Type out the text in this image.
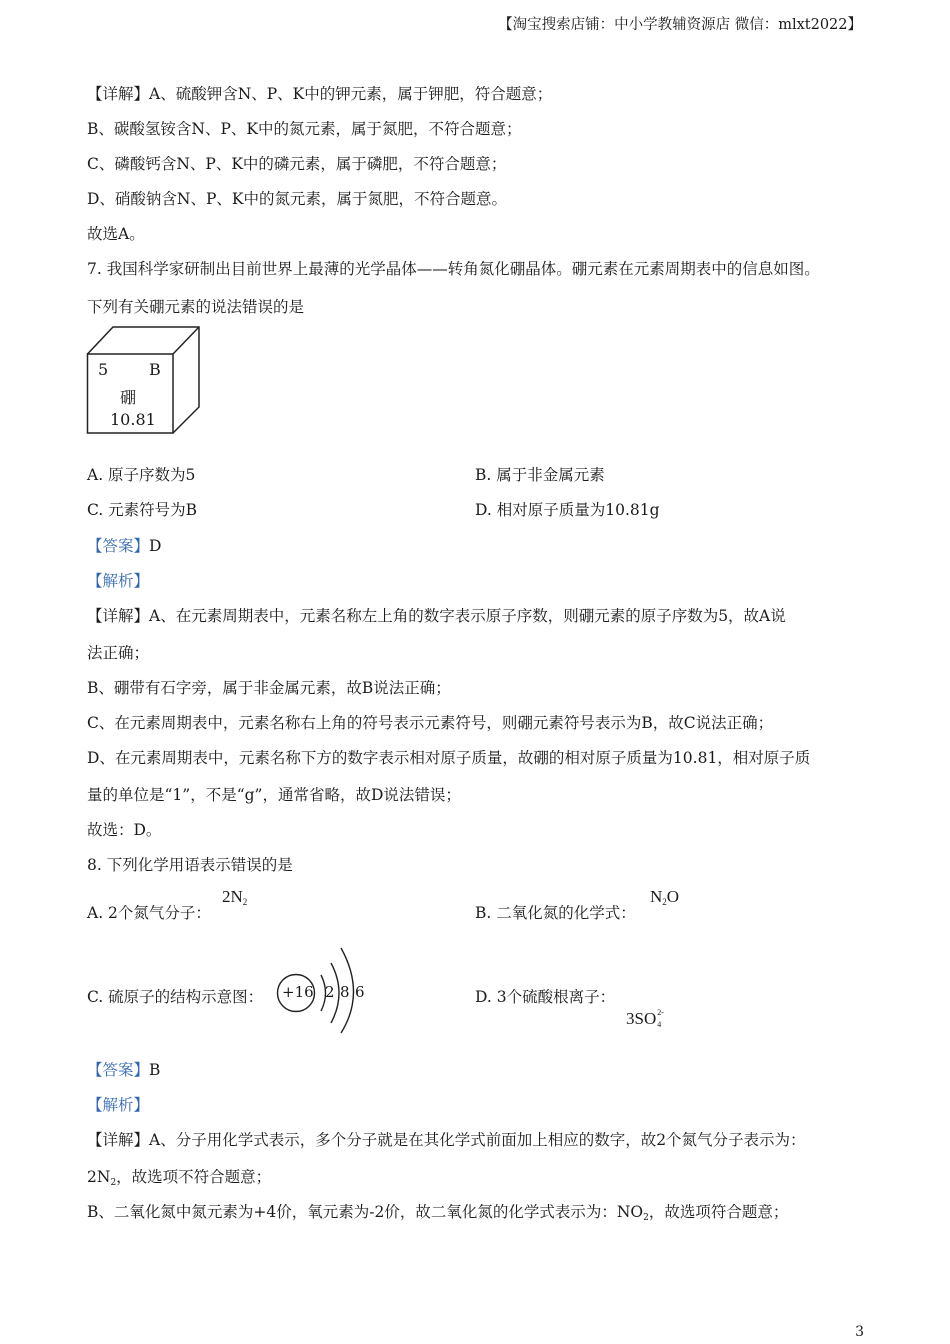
【淘宝搜索店铺：中小学教辅资源店 微信：mlxt2022】
【详解】A、硫酸钾含N、P、K中的钾元素，属于钾肥，符合题意；
B、碳酸氢铵含N、P、K中的氮元素，属于氮肥，不符合题意；
C、磷酸钙含N、P、K中的磷元素，属于磷肥，不符合题意；
D、硝酸钠含N、P、K中的氮元素，属于氮肥，不符合题意。
故选A。
7. 我国科学家研制出目前世界上最薄的光学晶体——转角氮化硼晶体。硼元素在元素周期表中的信息如图。
下列有关硼元素的说法错误的是
5	B
硼
10.81
A. 原子序数为5	B. 属于非金属元素
C. 元素符号为B	D. 相对原子质量为10.81g
【答案】D
【解析】
【详解】A、在元素周期表中，元素名称左上角的数字表示原子序数，则硼元素的原子序数为5，故A说
法正确；
B、硼带有石字旁，属于非金属元素，故B说法正确；
C、在元素周期表中，元素名称右上角的符号表示元素符号，则硼元素符号表示为B，故C说法正确；
D、在元素周期表中，元素名称下方的数字表示相对原子质量，故硼的相对原子质量为10.81，相对原子质
量的单位是“1”，不是“g”，通常省略，故D说法错误；
故选：D。
8. 下列化学用语表示错误的是
A. 2个氮气分子：
$2N_2$
B. 二氧化氮的化学式：
$N_2O$
C. 硫原子的结构示意图： +16 2 8 6	D. 3个硫酸根离子：
3SO 2-
4
【答案】B
【解析】
【详解】A、分子用化学式表示，多个分子就是在其化学式前面加上相应的数字，故2个氮气分子表示为：
$2N_2$，故选项不符合题意；
B、二氧化氮中氮元素为+4价，氧元素为-2价，故二氧化氮的化学式表示为：$NO_2$，故选项符合题意；
3
